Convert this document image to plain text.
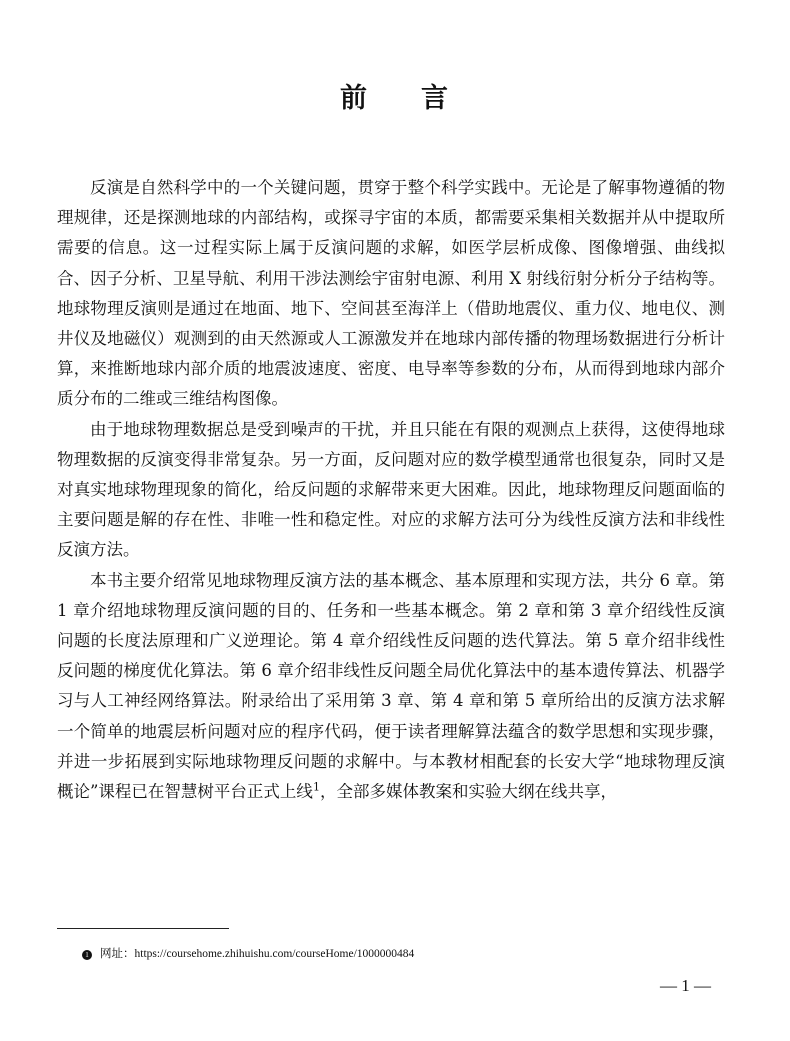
前 言

反演是自然科学中的一个关键问题，贯穿于整个科学实践中。无论是了解事物遵循的物理规律，还是探测地球的内部结构，或探寻宇宙的本质，都需要采集相关数据并从中提取所需要的信息。这一过程实际上属于反演问题的求解，如医学层析成像、图像增强、曲线拟合、因子分析、卫星导航、利用干涉法测绘宇宙射电源、利用 X 射线衍射分析分子结构等。地球物理反演则是通过在地面、地下、空间甚至海洋上（借助地震仪、重力仪、地电仪、测井仪及地磁仪）观测到的由天然源或人工源激发并在地球内部传播的物理场数据进行分析计算，来推断地球内部介质的地震波速度、密度、电导率等参数的分布，从而得到地球内部介质分布的二维或三维结构图像。

由于地球物理数据总是受到噪声的干扰，并且只能在有限的观测点上获得，这使得地球物理数据的反演变得非常复杂。另一方面，反问题对应的数学模型通常也很复杂，同时又是对真实地球物理现象的简化，给反问题的求解带来更大困难。因此，地球物理反问题面临的主要问题是解的存在性、非唯一性和稳定性。对应的求解方法可分为线性反演方法和非线性反演方法。

本书主要介绍常见地球物理反演方法的基本概念、基本原理和实现方法，共分 6 章。第 1 章介绍地球物理反演问题的目的、任务和一些基本概念。第 2 章和第 3 章介绍线性反演问题的长度法原理和广义逆理论。第 4 章介绍线性反问题的迭代算法。第 5 章介绍非线性反问题的梯度优化算法。第 6 章介绍非线性反问题全局优化算法中的基本遗传算法、机器学习与人工神经网络算法。附录给出了采用第 3 章、第 4 章和第 5 章所给出的反演方法求解一个简单的地震层析问题对应的程序代码，便于读者理解算法蕴含的数学思想和实现步骤，并进一步拓展到实际地球物理反问题的求解中。与本教材相配套的长安大学“地球物理反演概论”课程已在智慧树平台正式上线$^1$，全部多媒体教案和实验大纲在线共享，

1 网址：https://coursehome.zhihuishu.com/courseHome/1000000484
— 1 —
